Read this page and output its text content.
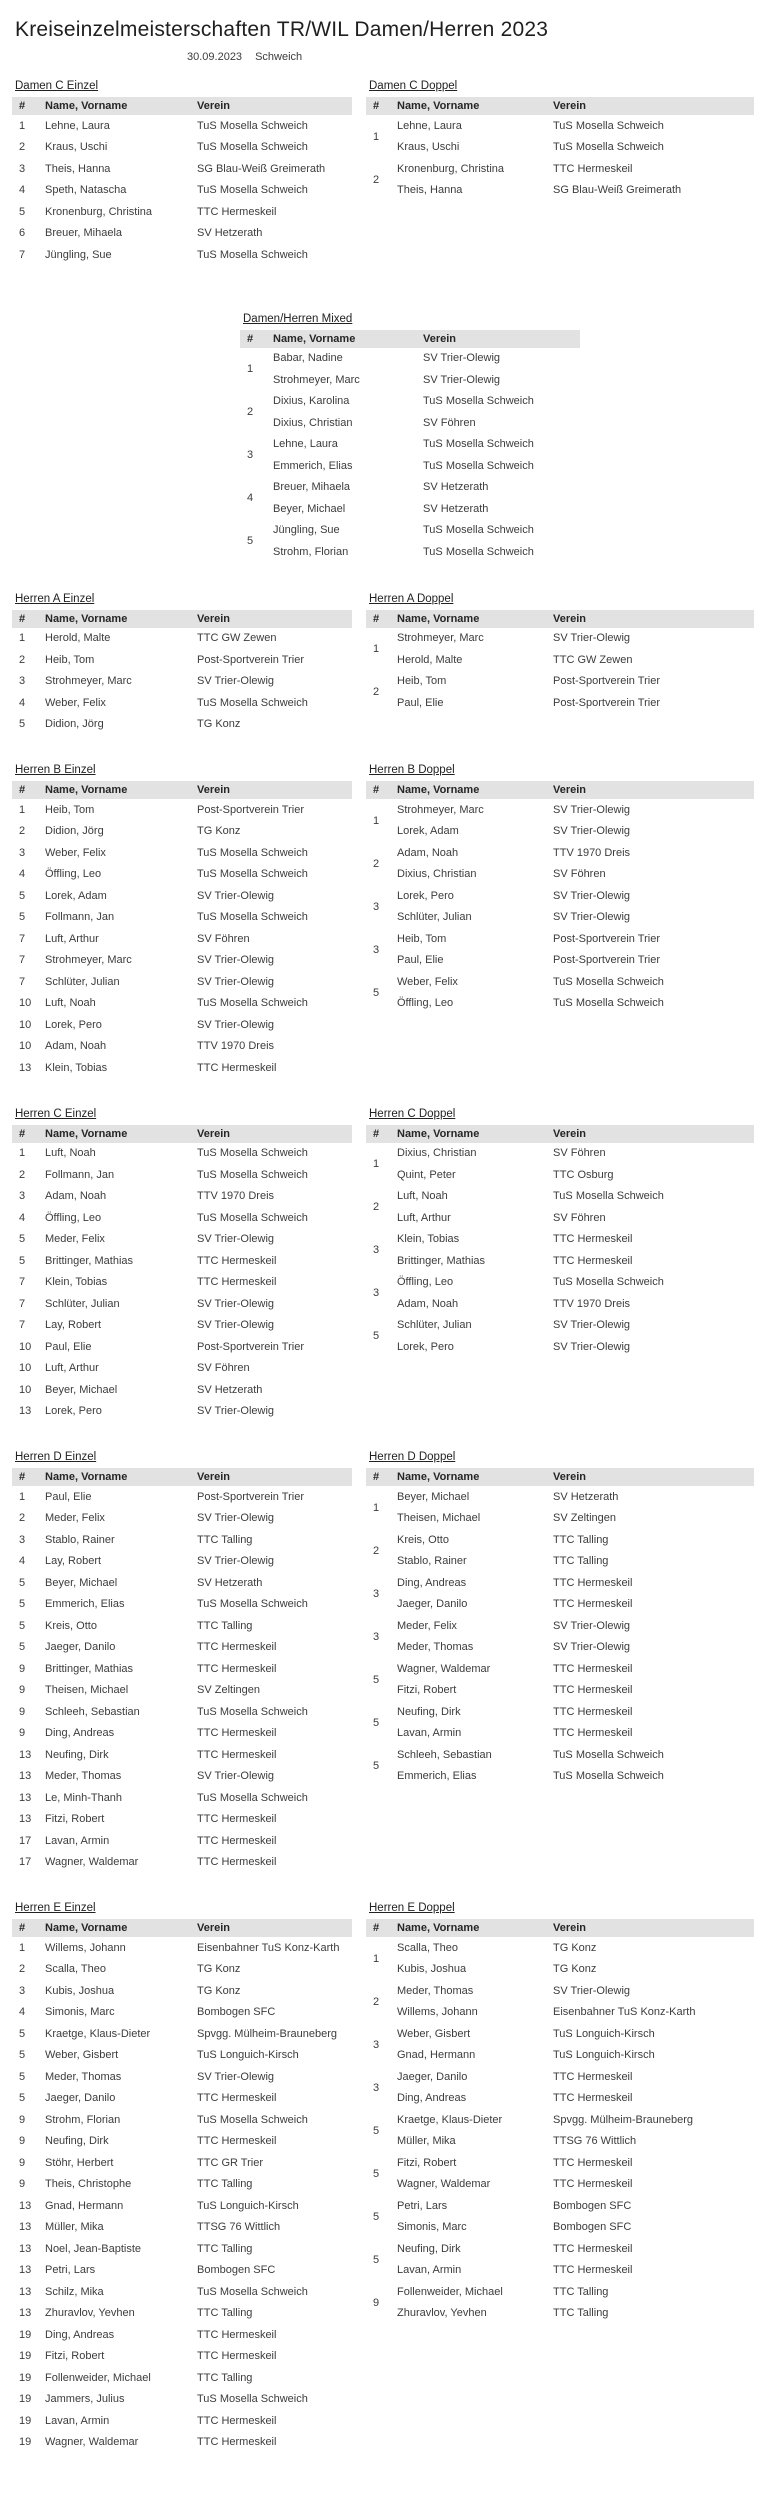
Kreiseinzelmeisterschaften TR/WIL Damen/Herren 2023
30.09.2023 Schweich
Damen C Einzel
#	Name, Vorname	Verein
1	Lehne, Laura	TuS Mosella Schweich
2	Kraus, Uschi	TuS Mosella Schweich
3	Theis, Hanna	SG Blau-Weiß Greimerath
4	Speth, Natascha	TuS Mosella Schweich
5	Kronenburg, Christina	TTC Hermeskeil
6	Breuer, Mihaela	SV Hetzerath
7	Jüngling, Sue	TuS Mosella Schweich
Damen C Doppel
#	Name, Vorname	Verein
1	Lehne, Laura	TuS Mosella Schweich
	Kraus, Uschi	TuS Mosella Schweich
2	Kronenburg, Christina	TTC Hermeskeil
	Theis, Hanna	SG Blau-Weiß Greimerath
Damen/Herren Mixed
#	Name, Vorname	Verein
1	Babar, Nadine	SV Trier-Olewig
	Strohmeyer, Marc	SV Trier-Olewig
2	Dixius, Karolina	TuS Mosella Schweich
	Dixius, Christian	SV Föhren
3	Lehne, Laura	TuS Mosella Schweich
	Emmerich, Elias	TuS Mosella Schweich
4	Breuer, Mihaela	SV Hetzerath
	Beyer, Michael	SV Hetzerath
5	Jüngling, Sue	TuS Mosella Schweich
	Strohm, Florian	TuS Mosella Schweich
Herren A Einzel
#	Name, Vorname	Verein
1	Herold, Malte	TTC GW Zewen
2	Heib, Tom	Post-Sportverein Trier
3	Strohmeyer, Marc	SV Trier-Olewig
4	Weber, Felix	TuS Mosella Schweich
5	Didion, Jörg	TG Konz
Herren A Doppel
#	Name, Vorname	Verein
1	Strohmeyer, Marc	SV Trier-Olewig
	Herold, Malte	TTC GW Zewen
2	Heib, Tom	Post-Sportverein Trier
	Paul, Elie	Post-Sportverein Trier
Herren B Einzel
#	Name, Vorname	Verein
1	Heib, Tom	Post-Sportverein Trier
2	Didion, Jörg	TG Konz
3	Weber, Felix	TuS Mosella Schweich
4	Öffling, Leo	TuS Mosella Schweich
5	Lorek, Adam	SV Trier-Olewig
5	Follmann, Jan	TuS Mosella Schweich
7	Luft, Arthur	SV Föhren
7	Strohmeyer, Marc	SV Trier-Olewig
7	Schlüter, Julian	SV Trier-Olewig
10	Luft, Noah	TuS Mosella Schweich
10	Lorek, Pero	SV Trier-Olewig
10	Adam, Noah	TTV 1970 Dreis
13	Klein, Tobias	TTC Hermeskeil
Herren B Doppel
#	Name, Vorname	Verein
1	Strohmeyer, Marc	SV Trier-Olewig
	Lorek, Adam	SV Trier-Olewig
2	Adam, Noah	TTV 1970 Dreis
	Dixius, Christian	SV Föhren
3	Lorek, Pero	SV Trier-Olewig
	Schlüter, Julian	SV Trier-Olewig
3	Heib, Tom	Post-Sportverein Trier
	Paul, Elie	Post-Sportverein Trier
5	Weber, Felix	TuS Mosella Schweich
	Öffling, Leo	TuS Mosella Schweich
Herren C Einzel
#	Name, Vorname	Verein
1	Luft, Noah	TuS Mosella Schweich
2	Follmann, Jan	TuS Mosella Schweich
3	Adam, Noah	TTV 1970 Dreis
4	Öffling, Leo	TuS Mosella Schweich
5	Meder, Felix	SV Trier-Olewig
5	Brittinger, Mathias	TTC Hermeskeil
7	Klein, Tobias	TTC Hermeskeil
7	Schlüter, Julian	SV Trier-Olewig
7	Lay, Robert	SV Trier-Olewig
10	Paul, Elie	Post-Sportverein Trier
10	Luft, Arthur	SV Föhren
10	Beyer, Michael	SV Hetzerath
13	Lorek, Pero	SV Trier-Olewig
Herren C Doppel
#	Name, Vorname	Verein
1	Dixius, Christian	SV Föhren
	Quint, Peter	TTC Osburg
2	Luft, Noah	TuS Mosella Schweich
	Luft, Arthur	SV Föhren
3	Klein, Tobias	TTC Hermeskeil
	Brittinger, Mathias	TTC Hermeskeil
3	Öffling, Leo	TuS Mosella Schweich
	Adam, Noah	TTV 1970 Dreis
5	Schlüter, Julian	SV Trier-Olewig
	Lorek, Pero	SV Trier-Olewig
Herren D Einzel
#	Name, Vorname	Verein
1	Paul, Elie	Post-Sportverein Trier
2	Meder, Felix	SV Trier-Olewig
3	Stablo, Rainer	TTC Talling
4	Lay, Robert	SV Trier-Olewig
5	Beyer, Michael	SV Hetzerath
5	Emmerich, Elias	TuS Mosella Schweich
5	Kreis, Otto	TTC Talling
5	Jaeger, Danilo	TTC Hermeskeil
9	Brittinger, Mathias	TTC Hermeskeil
9	Theisen, Michael	SV Zeltingen
9	Schleeh, Sebastian	TuS Mosella Schweich
9	Ding, Andreas	TTC Hermeskeil
13	Neufing, Dirk	TTC Hermeskeil
13	Meder, Thomas	SV Trier-Olewig
13	Le, Minh-Thanh	TuS Mosella Schweich
13	Fitzi, Robert	TTC Hermeskeil
17	Lavan, Armin	TTC Hermeskeil
17	Wagner, Waldemar	TTC Hermeskeil
Herren D Doppel
#	Name, Vorname	Verein
1	Beyer, Michael	SV Hetzerath
	Theisen, Michael	SV Zeltingen
2	Kreis, Otto	TTC Talling
	Stablo, Rainer	TTC Talling
3	Ding, Andreas	TTC Hermeskeil
	Jaeger, Danilo	TTC Hermeskeil
3	Meder, Felix	SV Trier-Olewig
	Meder, Thomas	SV Trier-Olewig
5	Wagner, Waldemar	TTC Hermeskeil
	Fitzi, Robert	TTC Hermeskeil
5	Neufing, Dirk	TTC Hermeskeil
	Lavan, Armin	TTC Hermeskeil
5	Schleeh, Sebastian	TuS Mosella Schweich
	Emmerich, Elias	TuS Mosella Schweich
Herren E Einzel
#	Name, Vorname	Verein
1	Willems, Johann	Eisenbahner TuS Konz-Karth
2	Scalla, Theo	TG Konz
3	Kubis, Joshua	TG Konz
4	Simonis, Marc	Bombogen SFC
5	Kraetge, Klaus-Dieter	Spvgg. Mülheim-Brauneberg
5	Weber, Gisbert	TuS Longuich-Kirsch
5	Meder, Thomas	SV Trier-Olewig
5	Jaeger, Danilo	TTC Hermeskeil
9	Strohm, Florian	TuS Mosella Schweich
9	Neufing, Dirk	TTC Hermeskeil
9	Stöhr, Herbert	TTC GR Trier
9	Theis, Christophe	TTC Talling
13	Gnad, Hermann	TuS Longuich-Kirsch
13	Müller, Mika	TTSG 76 Wittlich
13	Noel, Jean-Baptiste	TTC Talling
13	Petri, Lars	Bombogen SFC
13	Schilz, Mika	TuS Mosella Schweich
13	Zhuravlov, Yevhen	TTC Talling
19	Ding, Andreas	TTC Hermeskeil
19	Fitzi, Robert	TTC Hermeskeil
19	Follenweider, Michael	TTC Talling
19	Jammers, Julius	TuS Mosella Schweich
19	Lavan, Armin	TTC Hermeskeil
19	Wagner, Waldemar	TTC Hermeskeil
Herren E Doppel
#	Name, Vorname	Verein
1	Scalla, Theo	TG Konz
	Kubis, Joshua	TG Konz
2	Meder, Thomas	SV Trier-Olewig
	Willems, Johann	Eisenbahner TuS Konz-Karth
3	Weber, Gisbert	TuS Longuich-Kirsch
	Gnad, Hermann	TuS Longuich-Kirsch
3	Jaeger, Danilo	TTC Hermeskeil
	Ding, Andreas	TTC Hermeskeil
5	Kraetge, Klaus-Dieter	Spvgg. Mülheim-Brauneberg
	Müller, Mika	TTSG 76 Wittlich
5	Fitzi, Robert	TTC Hermeskeil
	Wagner, Waldemar	TTC Hermeskeil
5	Petri, Lars	Bombogen SFC
	Simonis, Marc	Bombogen SFC
5	Neufing, Dirk	TTC Hermeskeil
	Lavan, Armin	TTC Hermeskeil
9	Follenweider, Michael	TTC Talling
	Zhuravlov, Yevhen	TTC Talling
